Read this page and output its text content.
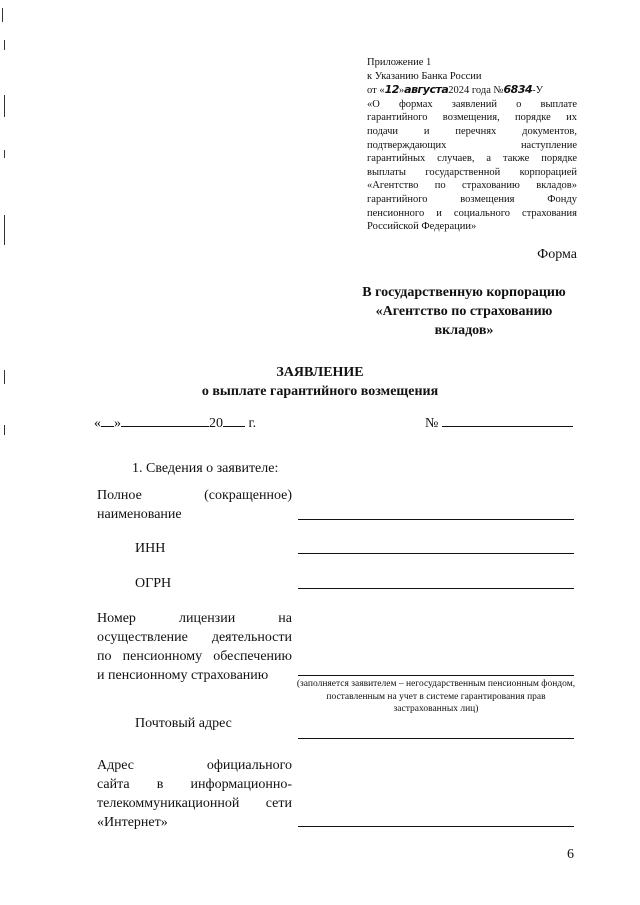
Приложение 1
к Указанию Банка России
от «12»августа2024 года №6834-У
«О формах заявлений о выплате
гарантийного возмещения, порядке их
подачи и перечнях документов,
подтверждающих наступление
гарантийных случаев, а также порядке
выплаты государственной корпорацией
«Агентство по страхованию вкладов»
гарантийного возмещения Фонду
пенсионного и социального страхования
Российской Федерации»
Форма
В государственную корпорацию
«Агентство по страхованию
вкладов»
ЗАЯВЛЕНИЕ
о выплате гарантийного возмещения
« »	20 г.	№
1. Сведения о заявителе:
Полное (сокращенное)
наименование
ИНН
ОГРН
Номер лицензии на
осуществление деятельности
по пенсионному обеспечению
и пенсионному страхованию
(заполняется заявителем – негосударственным пенсионным фондом, поставленным на учет в системе гарантирования прав застрахованных лиц)
Почтовый адрес
Адрес официального
сайта в информационно-
телекоммуникационной сети
«Интернет»
6
